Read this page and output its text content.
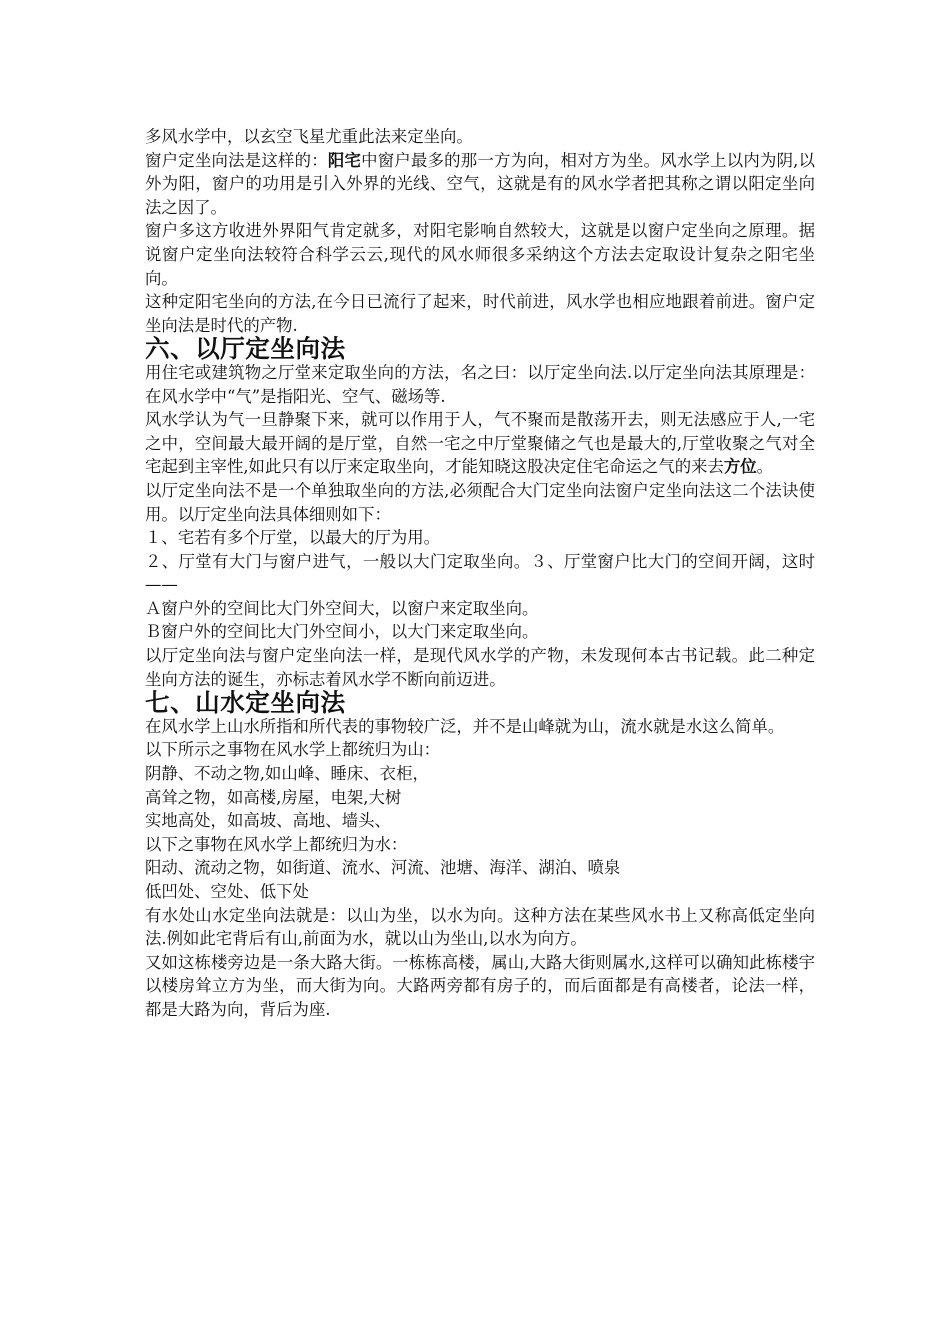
多风水学中，以玄空飞星尤重此法来定坐向。

窗户定坐向法是这样的：阳宅中窗户最多的那一方为向，相对方为坐。风水学上以内为阴,以外为阳，窗户的功用是引入外界的光线、空气，这就是有的风水学者把其称之谓以阳定坐向法之因了。

窗户多这方收进外界阳气肯定就多，对阳宅影响自然较大，这就是以窗户定坐向之原理。据说窗户定坐向法较符合科学云云,现代的风水师很多采纳这个方法去定取设计复杂之阳宅坐向。

这种定阳宅坐向的方法,在今日已流行了起来，时代前进，风水学也相应地跟着前进。窗户定坐向法是时代的产物.

六、以厅定坐向法

用住宅或建筑物之厅堂来定取坐向的方法，名之曰：以厅定坐向法.以厅定坐向法其原理是：在风水学中“气”是指阳光、空气、磁场等.

风水学认为气一旦静聚下来，就可以作用于人，气不聚而是散荡开去，则无法感应于人,一宅之中，空间最大最开阔的是厅堂，自然一宅之中厅堂聚储之气也是最大的,厅堂收聚之气对全宅起到主宰性,如此只有以厅来定取坐向，才能知晓这股决定住宅命运之气的来去方位。

以厅定坐向法不是一个单独取坐向的方法,必须配合大门定坐向法窗户定坐向法这二个法诀使用。以厅定坐向法具体细则如下：

１、宅若有多个厅堂，以最大的厅为用。

２、厅堂有大门与窗户进气，一般以大门定取坐向。３、厅堂窗户比大门的空间开阔，这时——

Ａ窗户外的空间比大门外空间大，以窗户来定取坐向。

Ｂ窗户外的空间比大门外空间小，以大门来定取坐向。

以厅定坐向法与窗户定坐向法一样，是现代风水学的产物，未发现何本古书记载。此二种定坐向方法的诞生，亦标志着风水学不断向前迈进。

七、山水定坐向法

在风水学上山水所指和所代表的事物较广泛，并不是山峰就为山，流水就是水这么简单。

以下所示之事物在风水学上都统归为山：

阴静、不动之物,如山峰、睡床、衣柜，

高耸之物，如高楼,房屋，电架,大树

实地高处，如高坡、高地、墙头、

以下之事物在风水学上都统归为水：

阳动、流动之物，如街道、流水、河流、池塘、海洋、湖泊、喷泉

低凹处、空处、低下处

有水处山水定坐向法就是：以山为坐，以水为向。这种方法在某些风水书上又称高低定坐向法.例如此宅背后有山,前面为水，就以山为坐山,以水为向方。

又如这栋楼旁边是一条大路大街。一栋栋高楼，属山,大路大街则属水,这样可以确知此栋楼宇以楼房耸立方为坐，而大街为向。大路两旁都有房子的，而后面都是有高楼者，论法一样，都是大路为向，背后为座.
